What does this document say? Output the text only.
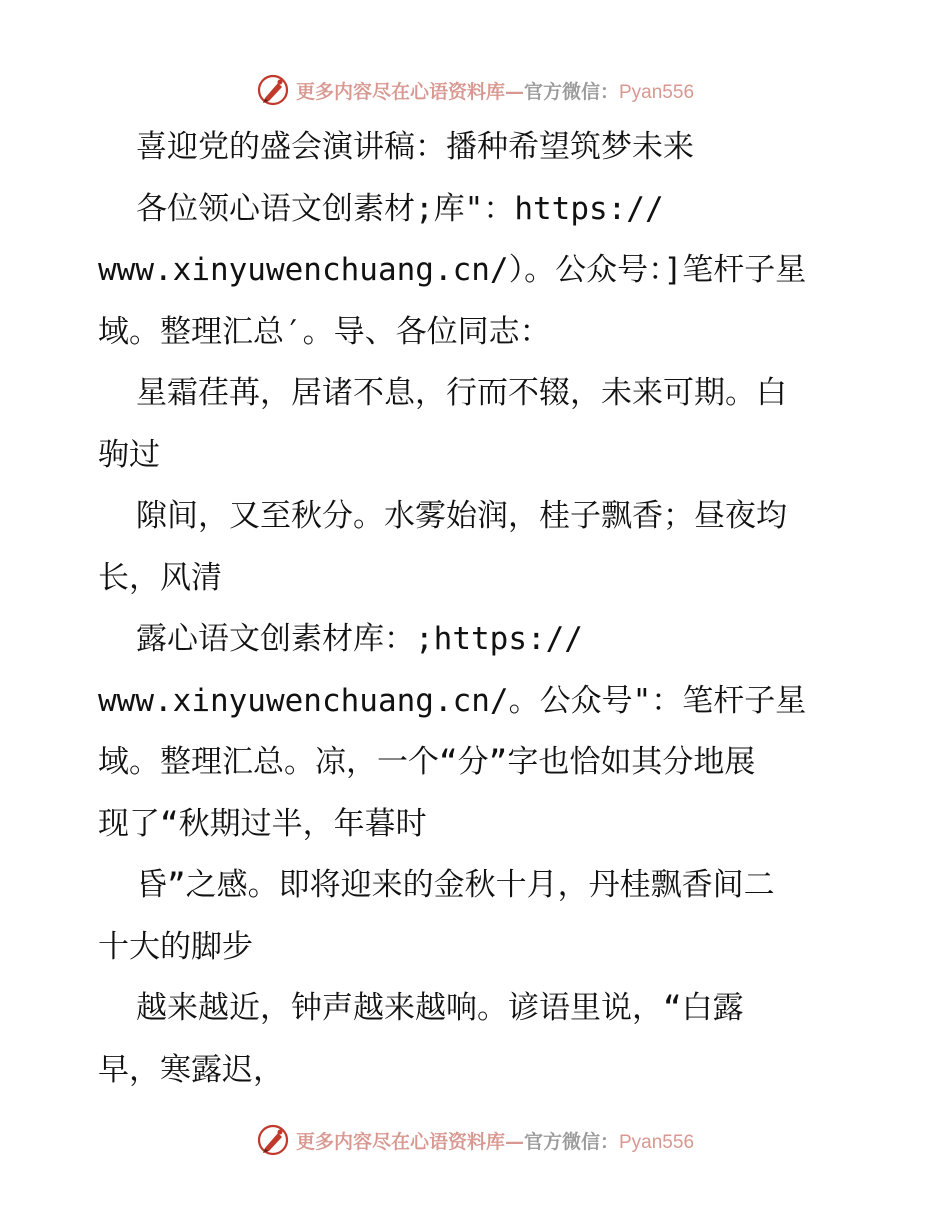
更多内容尽在心语资料库—官方微信：Pyan556
喜迎党的盛会演讲稿：播种希望筑梦未来
各位领心语文创素材;库"：https://
www.xinyuwenchuang.cn/）。公众号：]笔杆子星
域。整理汇总′。导、各位同志：
星霜荏苒，居诸不息，行而不辍，未来可期。白
驹过
隙间，又至秋分。水雾始润，桂子飘香；昼夜均
长，风清
露心语文创素材库：;https://
www.xinyuwenchuang.cn/。公众号"：笔杆子星
域。整理汇总。凉，一个“分”字也恰如其分地展
现了“秋期过半，年暮时
昏”之感。即将迎来的金秋十月，丹桂飘香间二
十大的脚步
越来越近，钟声越来越响。谚语里说，“白露
早，寒露迟，
更多内容尽在心语资料库—官方微信：Pyan556
